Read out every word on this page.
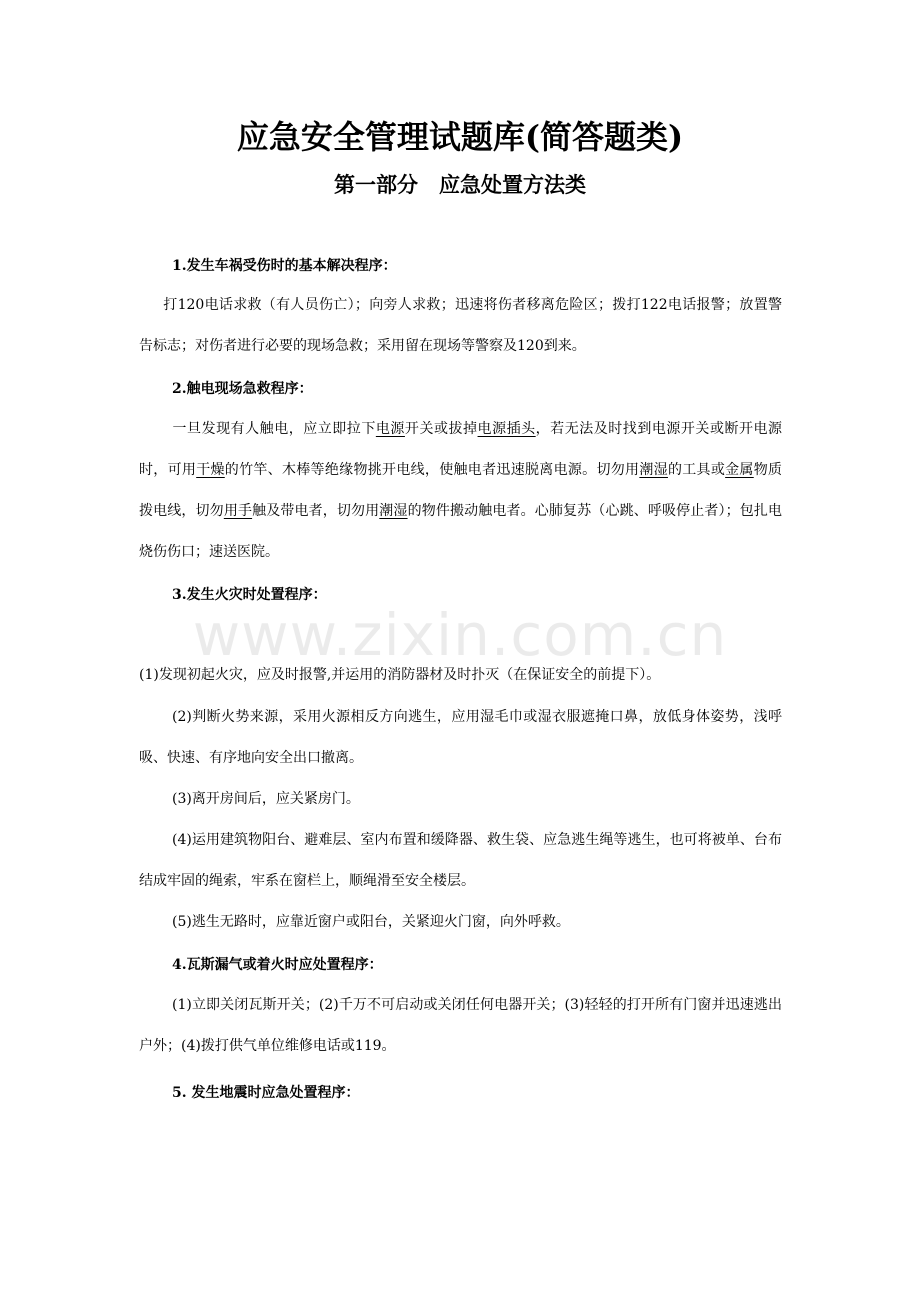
应急安全管理试题库(简答题类)
第一部分　应急处置方法类
1.发生车祸受伤时的基本解决程序：
打120电话求救（有人员伤亡）；向旁人求救；迅速将伤者移离危险区；拨打122电话报警；放置警告标志；对伤者进行必要的现场急救；采用留在现场等警察及120到来。
2.触电现场急救程序：
一旦发现有人触电，应立即拉下电源开关或拔掉电源插头，若无法及时找到电源开关或断开电源时，可用干燥的竹竿、木棒等绝缘物挑开电线，使触电者迅速脱离电源。切勿用潮湿的工具或金属物质拨电线，切勿用手触及带电者，切勿用潮湿的物件搬动触电者。心肺复苏（心跳、呼吸停止者）；包扎电烧伤伤口；速送医院。
3.发生火灾时处置程序：
(1)发现初起火灾，应及时报警,并运用的消防器材及时扑灭（在保证安全的前提下）。
(2)判断火势来源，采用火源相反方向逃生，应用湿毛巾或湿衣服遮掩口鼻，放低身体姿势，浅呼吸、快速、有序地向安全出口撤离。
(3)离开房间后，应关紧房门。
(4)运用建筑物阳台、避难层、室内布置和缓降器、救生袋、应急逃生绳等逃生，也可将被单、台布结成牢固的绳索，牢系在窗栏上，顺绳滑至安全楼层。
(5)逃生无路时，应靠近窗户或阳台，关紧迎火门窗，向外呼救。
4.瓦斯漏气或着火时应处置程序：
(1)立即关闭瓦斯开关；(2)千万不可启动或关闭任何电器开关；(3)轻轻的打开所有门窗并迅速逃出户外；(4)拨打供气单位维修电话或119。
5. 发生地震时应急处置程序：
www.zixin.com.cn
